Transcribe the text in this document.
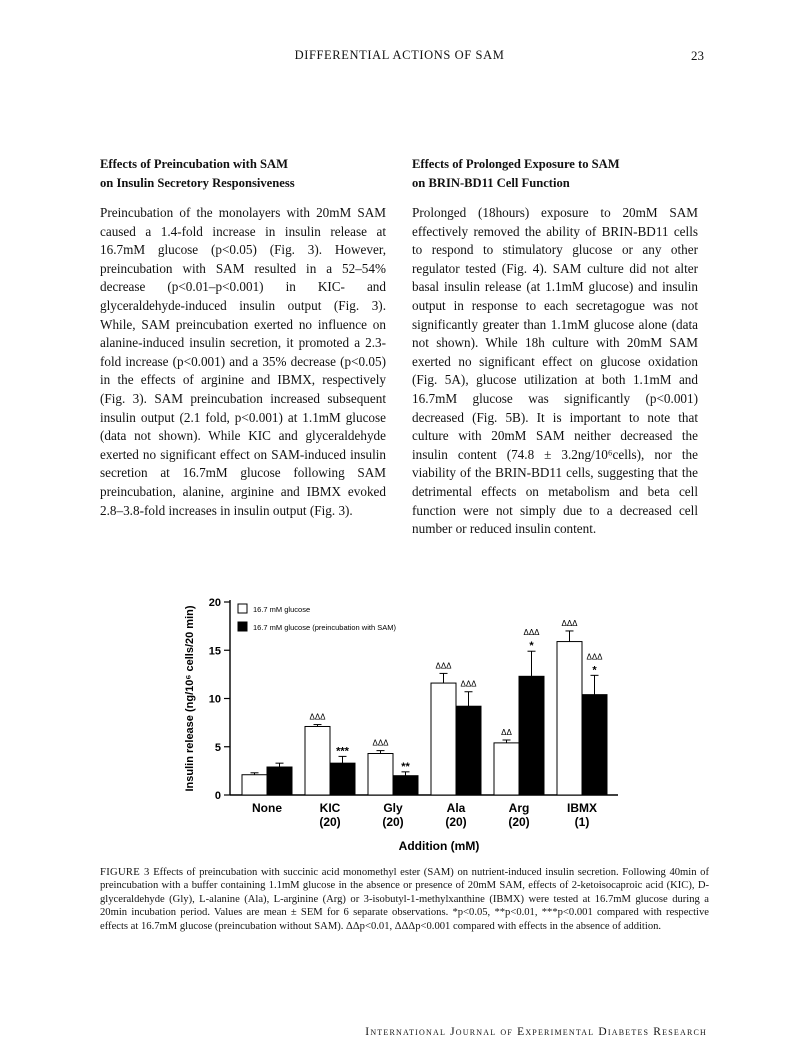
DIFFERENTIAL ACTIONS OF SAM	23
Effects of Preincubation with SAM
on Insulin Secretory Responsiveness

Preincubation of the monolayers with 20mM SAM caused a 1.4-fold increase in insulin release at 16.7mM glucose (p<0.05) (Fig. 3). However, preincubation with SAM resulted in a 52–54% decrease (p<0.01–p<0.001) in KIC- and glyceraldehyde-induced insulin output (Fig. 3). While, SAM preincubation exerted no influence on alanine-induced insulin secretion, it promoted a 2.3-fold increase (p<0.001) and a 35% decrease (p<0.05) in the effects of arginine and IBMX, respectively (Fig. 3). SAM preincubation increased subsequent insulin output (2.1 fold, p<0.001) at 1.1mM glucose (data not shown). While KIC and glyceraldehyde exerted no significant effect on SAM-induced insulin secretion at 16.7mM glucose following SAM preincubation, alanine, arginine and IBMX evoked 2.8–3.8-fold increases in insulin output (Fig. 3).

Effects of Prolonged Exposure to SAM
on BRIN-BD11 Cell Function

Prolonged (18hours) exposure to 20mM SAM effectively removed the ability of BRIN-BD11 cells to respond to stimulatory glucose or any other regulator tested (Fig. 4). SAM culture did not alter basal insulin release (at 1.1mM glucose) and insulin output in response to each secretagogue was not significantly greater than 1.1mM glucose alone (data not shown). While 18h culture with 20mM SAM exerted no significant effect on glucose oxidation (Fig. 5A), glucose utilization at both 1.1mM and 16.7mM glucose was significantly (p<0.001) decreased (Fig. 5B). It is important to note that culture with 20mM SAM neither decreased the insulin content (74.8 ± 3.2ng/10⁶cells), nor the viability of the BRIN-BD11 cells, suggesting that the detrimental effects on metabolism and beta cell function were not simply due to a decreased cell number or reduced insulin content.

0
5
10
15
20
Insulin release (ng/10⁶ cells/20 min)
None
ΔΔΔ
***
KIC
(20)
ΔΔΔ
**
Gly
(20)
ΔΔΔ
ΔΔΔ
Ala
(20)
ΔΔ
ΔΔΔ
*
Arg
(20)
ΔΔΔ
ΔΔΔ
*
IBMX
(1)
Addition (mM)
16.7 mM glucose
16.7 mM glucose (preincubation with SAM)

FIGURE 3 Effects of preincubation with succinic acid monomethyl ester (SAM) on nutrient-induced insulin secretion. Following 40min of preincubation with a buffer containing 1.1mM glucose in the absence or presence of 20mM SAM, effects of 2-ketoisocaproic acid (KIC), D-glyceraldehyde (Gly), L-alanine (Ala), L-arginine (Arg) or 3-isobutyl-1-methylxanthine (IBMX) were tested at 16.7mM glucose during a 20min incubation period. Values are mean ± SEM for 6 separate observations. *p<0.05, **p<0.01, ***p<0.001 compared with respective effects at 16.7mM glucose (preincubation without SAM). ΔΔp<0.01, ΔΔΔp<0.001 compared with effects in the absence of addition.

International Journal of Experimental Diabetes Research
